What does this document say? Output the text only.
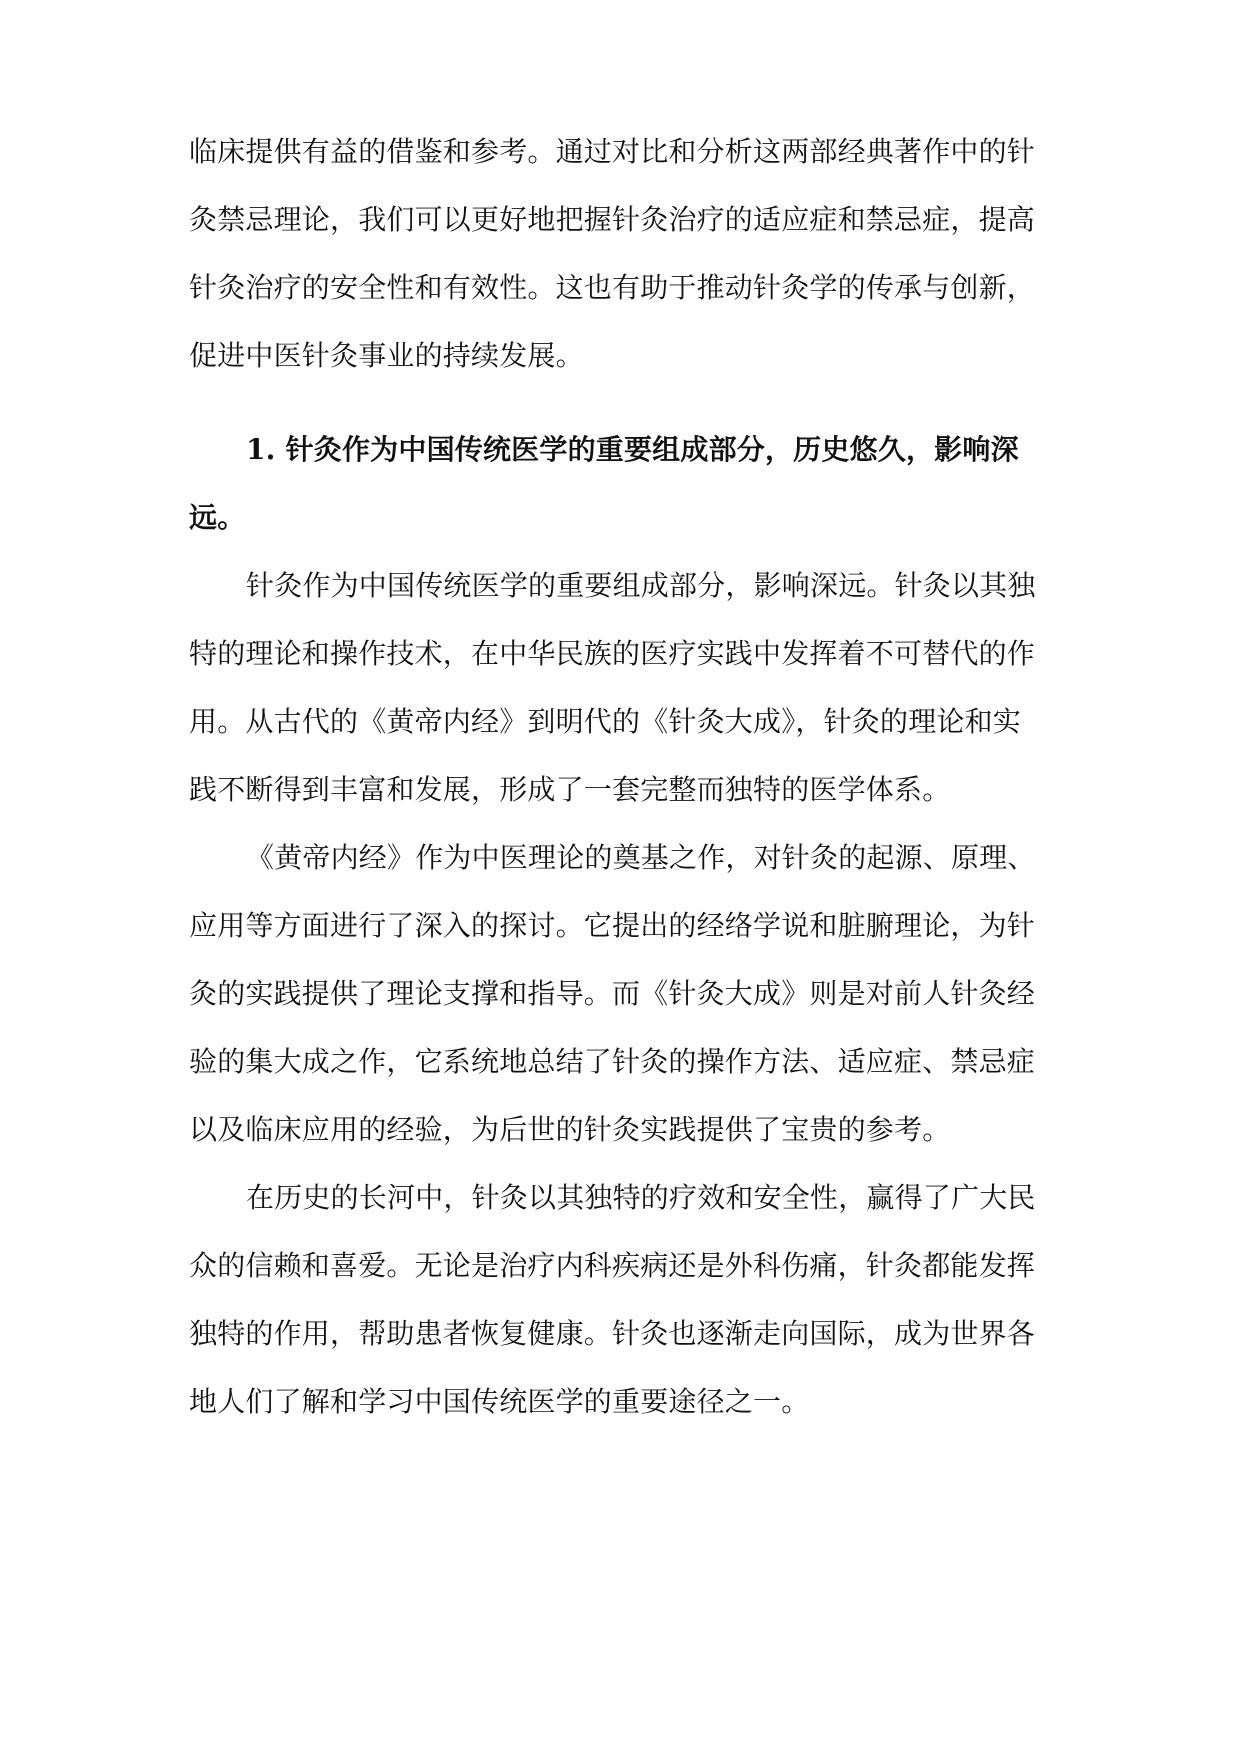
临床提供有益的借鉴和参考。通过对比和分析这两部经典著作中的针
灸禁忌理论，我们可以更好地把握针灸治疗的适应症和禁忌症，提高
针灸治疗的安全性和有效性。这也有助于推动针灸学的传承与创新，
促进中医针灸事业的持续发展。
1. 针灸作为中国传统医学的重要组成部分，历史悠久，影响深
远。
针灸作为中国传统医学的重要组成部分，影响深远。针灸以其独
特的理论和操作技术，在中华民族的医疗实践中发挥着不可替代的作
用。从古代的《黄帝内经》到明代的《针灸大成》，针灸的理论和实
践不断得到丰富和发展，形成了一套完整而独特的医学体系。
《黄帝内经》作为中医理论的奠基之作，对针灸的起源、原理、
应用等方面进行了深入的探讨。它提出的经络学说和脏腑理论，为针
灸的实践提供了理论支撑和指导。而《针灸大成》则是对前人针灸经
验的集大成之作，它系统地总结了针灸的操作方法、适应症、禁忌症
以及临床应用的经验，为后世的针灸实践提供了宝贵的参考。
在历史的长河中，针灸以其独特的疗效和安全性，赢得了广大民
众的信赖和喜爱。无论是治疗内科疾病还是外科伤痛，针灸都能发挥
独特的作用，帮助患者恢复健康。针灸也逐渐走向国际，成为世界各
地人们了解和学习中国传统医学的重要途径之一。
